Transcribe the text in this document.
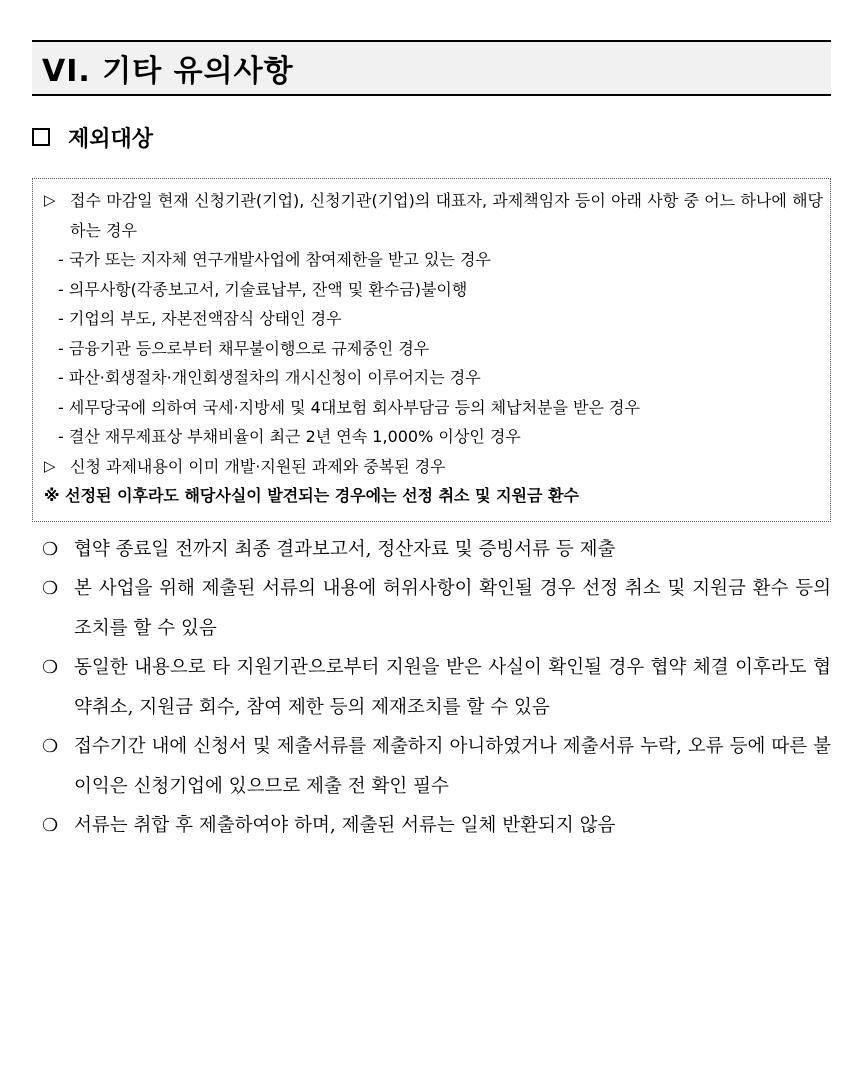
VI. 기타 유의사항
제외대상
▷ 접수 마감일 현재 신청기관(기업), 신청기관(기업)의 대표자, 과제책임자 등이 아래 사항 중 어느 하나에 해당하는 경우
- 국가 또는 지자체 연구개발사업에 참여제한을 받고 있는 경우
- 의무사항(각종보고서, 기술료납부, 잔액 및 환수금)불이행
- 기업의 부도, 자본전액잠식 상태인 경우
- 금융기관 등으로부터 채무불이행으로 규제중인 경우
- 파산·회생절차·개인회생절차의 개시신청이 이루어지는 경우
- 세무당국에 의하여 국세·지방세 및 4대보험 회사부담금 등의 체납처분을 받은 경우
- 결산 재무제표상 부채비율이 최근 2년 연속 1,000% 이상인 경우
▷ 신청 과제내용이 이미 개발·지원된 과제와 중복된 경우
※ 선정된 이후라도 해당사실이 발견되는 경우에는 선정 취소 및 지원금 환수
❍ 협약 종료일 전까지 최종 결과보고서, 정산자료 및 증빙서류 등 제출
❍ 본 사업을 위해 제출된 서류의 내용에 허위사항이 확인될 경우 선정 취소 및 지원금 환수 등의 조치를 할 수 있음
❍ 동일한 내용으로 타 지원기관으로부터 지원을 받은 사실이 확인될 경우 협약 체결 이후라도 협약취소, 지원금 회수, 참여 제한 등의 제재조치를 할 수 있음
❍ 접수기간 내에 신청서 및 제출서류를 제출하지 아니하였거나 제출서류 누락, 오류 등에 따른 불이익은 신청기업에 있으므로 제출 전 확인 필수
❍ 서류는 취합 후 제출하여야 하며, 제출된 서류는 일체 반환되지 않음
